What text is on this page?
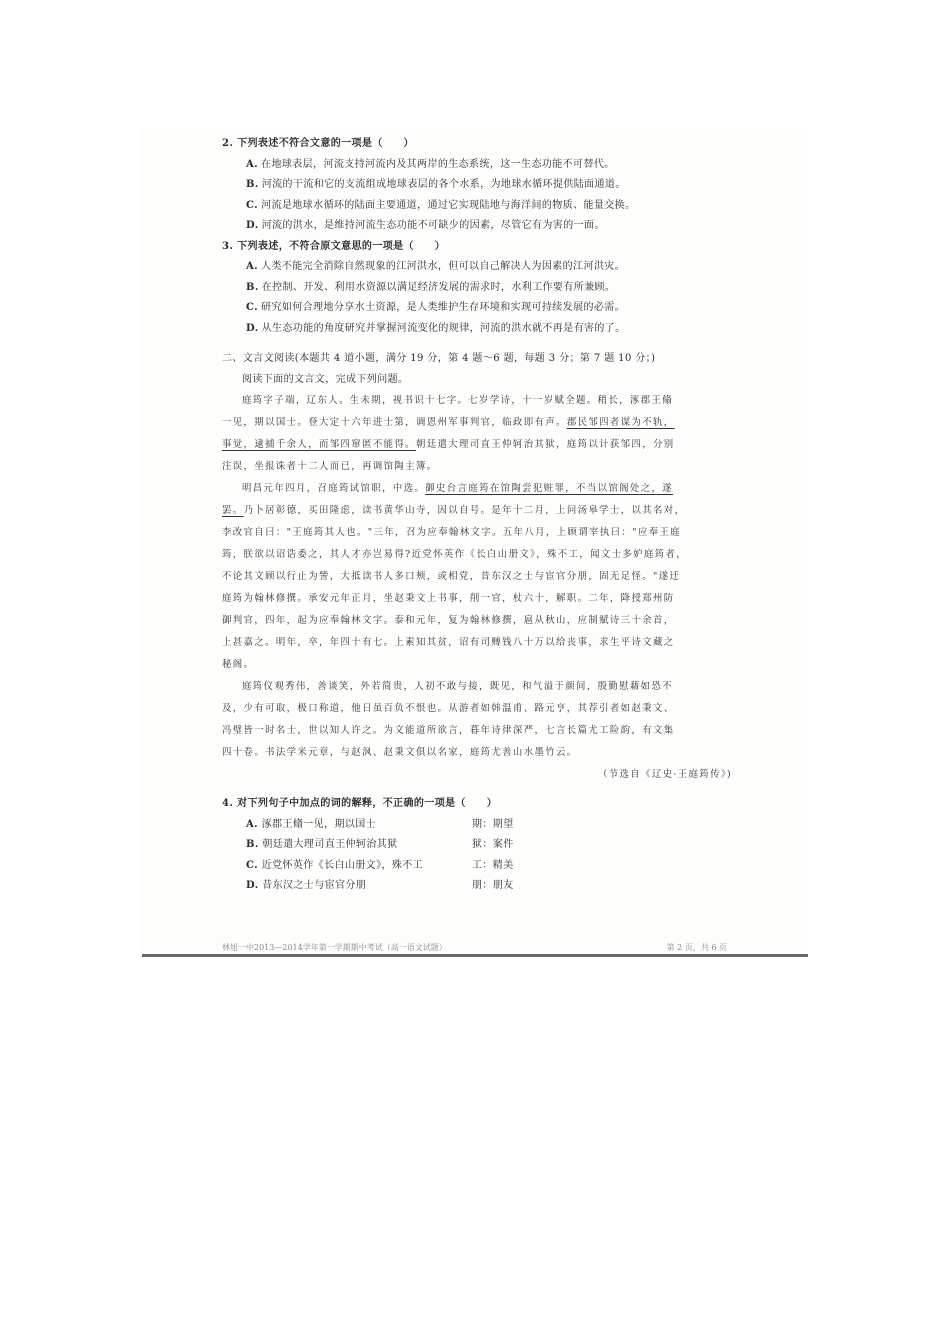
2. 下列表述不符合文意的一项是（　　）
A. 在地球表层，河流支持河流内及其两岸的生态系统，这一生态功能不可替代。
B. 河流的干流和它的支流组成地球表层的各个水系，为地球水循环提供陆面通道。
C. 河流是地球水循环的陆面主要通道，通过它实现陆地与海洋间的物质、能量交换。
D. 河流的洪水，是维持河流生态功能不可缺少的因素，尽管它有为害的一面。
3. 下列表述，不符合原文意思的一项是（　　）
A. 人类不能完全消除自然现象的江河洪水，但可以自己解决人为因素的江河洪灾。
B. 在控制、开发、利用水资源以满足经济发展的需求时，水利工作要有所兼顾。
C. 研究如何合理地分享水土资源，是人类维护生存环境和实现可持续发展的必需。
D. 从生态功能的角度研究并掌握河流变化的规律，河流的洪水就不再是有害的了。
二、文言文阅读(本题共 4 道小题，满分 19 分，第 4 题～6 题，每题 3 分；第 7 题 10 分；)
阅读下面的文言文，完成下列问题。
庭筠字子端，辽东人。生未期，视书识十七字。七岁学诗，十一岁赋全题。稍长，涿郡王翛
一见，期以国士。登大定十六年进士第，调恩州军事判官，临政即有声。郡民邹四者谋为不轨，
事觉，逮捕千余人，而邹四窜匿不能得。朝廷遣大理司直王仲轲治其狱，庭筠以计获邹四，分别
注误，坐报诛者十二人而已，再调馆陶主簿。
明昌元年四月，召庭筠试馆职，中选。御史台言庭筠在馆陶尝犯赃罪，不当以馆阁处之，遂
罢。乃卜居彰德，买田隆虑，读书黄华山寺，因以自号。是年十二月，上问汤皋学士，以其名对，
李改官自曰："王庭筠其人也。"三年，召为应奉翰林文字。五年八月，上顾谓宰执曰："应奉王庭
筠，朕欲以诏诰委之，其人才亦岂易得?近党怀英作《长白山册文》，殊不工，闻文士多妒庭筠者，
不论其文顾以行止为訾，大抵读书人多口颊，或相党，昔东汉之士与宦官分朋，固无足怪。"遂迁
庭筠为翰林修撰。承安元年正月，坐赵秉文上书事，削一官，杖六十，解职。二年，降授郑州防
御判官，四年，起为应奉翰林文字。泰和元年，复为翰林修撰，扈从秋山，应制赋诗三十余首，
上甚嘉之。明年，卒，年四十有七。上素知其贫，诏有司赙钱八十万以给丧事，求生平诗文藏之
秘阁。
庭筠仪观秀伟，善谈笑，外若简贵，人初不敢与接，既见，和气溢于颜间，殷勤慰藉如恐不
及，少有可取，极口称道，他日虽百负不恨也。从游者如韩温甫、路元亨，其荐引者如赵秉文、
冯璧皆一时名士，世以知人许之。为文能道所欲言，暮年诗律深严，七言长篇尤工险韵，有文集
四十卷。书法学米元章，与赵沨、赵秉文俱以名家，庭筠尤善山水墨竹云。
（节选自《辽史·王庭筠传》)
4. 对下列句子中加点的词的解释，不正确的一项是（　　）
A. 涿郡王翛一见，期以国士	期：期望
B. 朝廷遣大理司直王仲轲治其狱	狱：案件
C. 近党怀英作《长白山册文》，殊不工	工：精美
D. 昔东汉之士与宦官分朋	朋：朋友
林旭一中2013—2014学年第一学期期中考试（高一语文试题）	第 2 页，共 6 页
